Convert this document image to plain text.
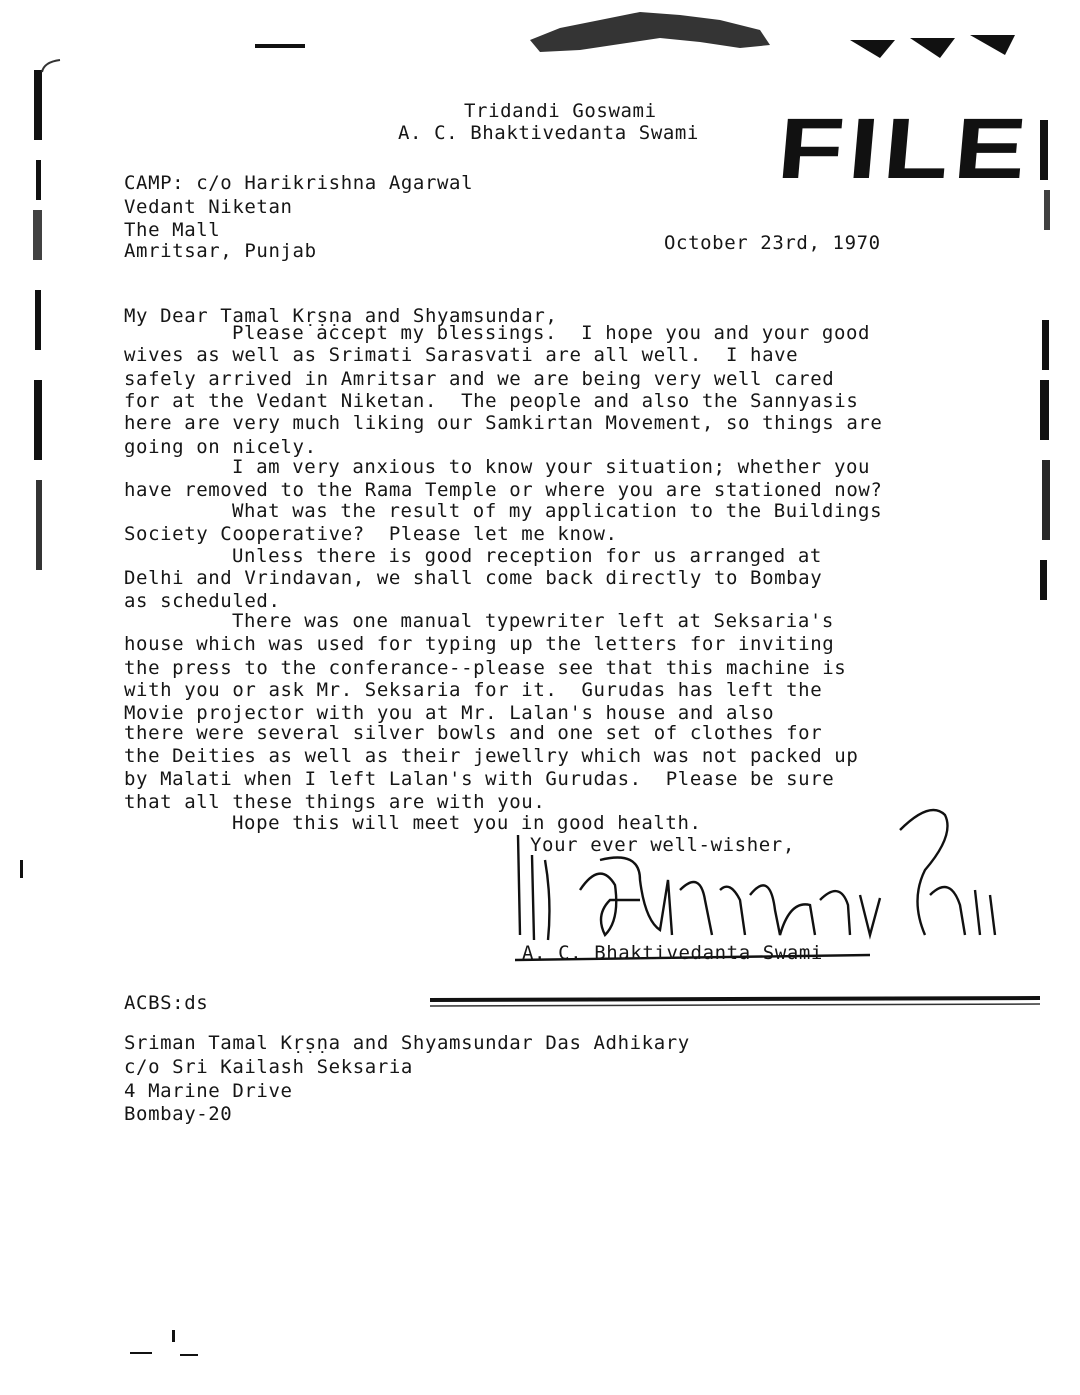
FILE
Tridandi Goswami
A. C. Bhaktivedanta Swami
CAMP: c/o Harikrishna Agarwal
Vedant Niketan
The Mall
Amritsar, Punjab	October 23rd, 1970
My Dear Tamal Kṛṣṇa and Shyamsundar,
Please accept my blessings.  I hope you and your good
wives as well as Srimati Sarasvati are all well.  I have
safely arrived in Amritsar and we are being very well cared
for at the Vedant Niketan.  The people and also the Sannyasis
here are very much liking our Samkirtan Movement, so things are
going on nicely.
I am very anxious to know your situation; whether you
have removed to the Rama Temple or where you are stationed now?
What was the result of my application to the Buildings
Society Cooperative?  Please let me know.
Unless there is good reception for us arranged at
Delhi and Vrindavan, we shall come back directly to Bombay
as scheduled.
There was one manual typewriter left at Seksaria's
house which was used for typing up the letters for inviting
the press to the conferance--please see that this machine is
with you or ask Mr. Seksaria for it.  Gurudas has left the
Movie projector with you at Mr. Lalan's house and also
there were several silver bowls and one set of clothes for
the Deities as well as their jewellry which was not packed up
by Malati when I left Lalan's with Gurudas.  Please be sure
that all these things are with you.
Hope this will meet you in good health.
Your ever well-wisher,
A. C. Bhaktivedanta Swami
ACBS:ds
Sriman Tamal Kṛṣṇa and Shyamsundar Das Adhikary
c/o Sri Kailash Seksaria
4 Marine Drive
Bombay-20
